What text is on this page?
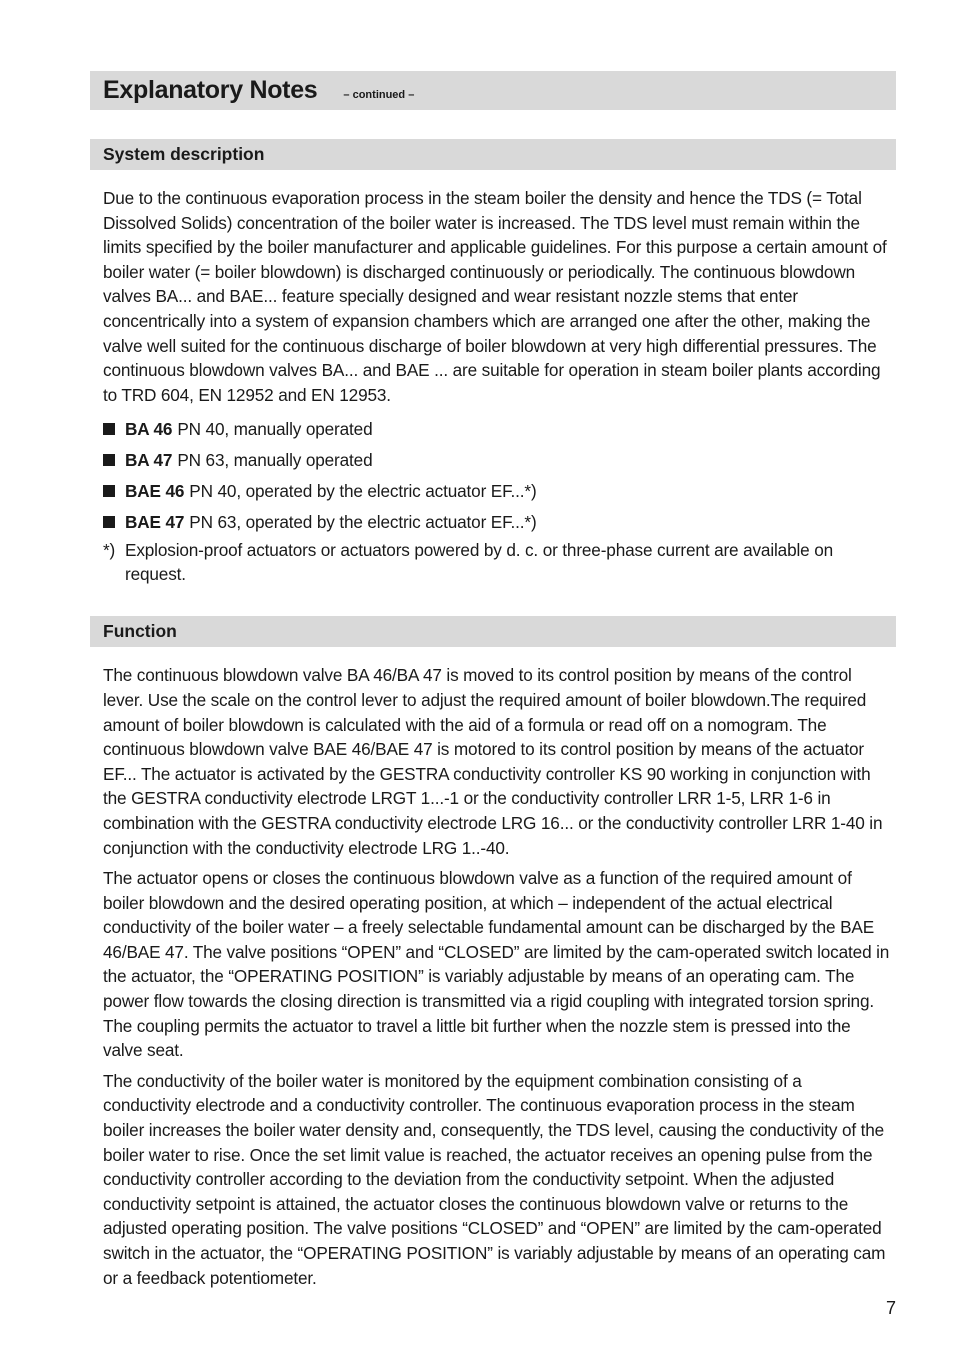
Explanatory Notes – continued –
System description

Due to the continuous evaporation process in the steam boiler the density and hence the TDS (= Total Dissolved Solids) concentration of the boiler water is increased. The TDS level must remain within the limits specified by the boiler manufacturer and applicable guidelines. For this purpose a certain amount of boiler water (= boiler blowdown) is discharged continuously or periodically. The continuous blowdown valves BA... and BAE... feature specially designed and wear resistant nozzle stems that enter concentrically into a system of expansion chambers which are arranged one after the other, making the valve well suited for the continuous discharge of boiler blowdown at very high differential pressures. The continuous blowdown valves BA... and BAE ... are suitable for operation in steam boiler plants according to TRD 604, EN 12952 and EN 12953.

BA 46 PN 40, manually operated
BA 47 PN 63, manually operated
BAE 46 PN 40, operated by the electric actuator EF...*)
BAE 47 PN 63, operated by the electric actuator EF...*)
*) Explosion-proof actuators or actuators powered by d. c. or three-phase current are available on request.
Function

The continuous blowdown valve BA 46/BA 47 is moved to its control position by means of the control lever. Use the scale on the control lever to adjust the required amount of boiler blowdown.The required amount of boiler blowdown is calculated with the aid of a formula or read off on a nomogram. The continuous blowdown valve BAE 46/BAE 47 is motored to its control position by means of the actuator EF... The actuator is activated by the GESTRA conductivity controller KS 90 working in conjunction with the GESTRA conductivity electrode LRGT 1...-1 or the conductivity controller LRR 1-5, LRR 1-6 in combination with the GESTRA conductivity electrode LRG 16... or the conductivity controller LRR 1-40 in conjunction with the conductivity electrode LRG 1..-40.

The actuator opens or closes the continuous blowdown valve as a function of the required amount of boiler blowdown and the desired operating position, at which – independent of the actual electrical conductivity of the boiler water – a freely selectable fundamental amount can be discharged by the BAE 46/BAE 47. The valve positions “OPEN” and “CLOSED” are limited by the cam-operated switch located in the actuator, the “OPERATING POSITION” is variably adjustable by means of an operating cam. The power flow towards the closing direction is transmitted via a rigid coupling with integrated torsion spring. The coupling permits the actuator to travel a little bit further when the nozzle stem is pressed into the valve seat.

The conductivity of the boiler water is monitored by the equipment combination consisting of a conductivity electrode and a conductivity controller. The continuous evaporation process in the steam boiler increases the boiler water density and, consequently, the TDS level, causing the conductivity of the boiler water to rise. Once the set limit value is reached, the actuator receives an opening pulse from the conductivity controller according to the deviation from the conductivity setpoint. When the adjusted conductivity setpoint is attained, the actuator closes the continuous blowdown valve or returns to the adjusted operating position. The valve positions “CLOSED” and “OPEN” are limited by the cam-operated switch in the actuator, the “OPERATING POSITION” is variably adjustable by means of an operating cam or a feedback potentiometer.

7
